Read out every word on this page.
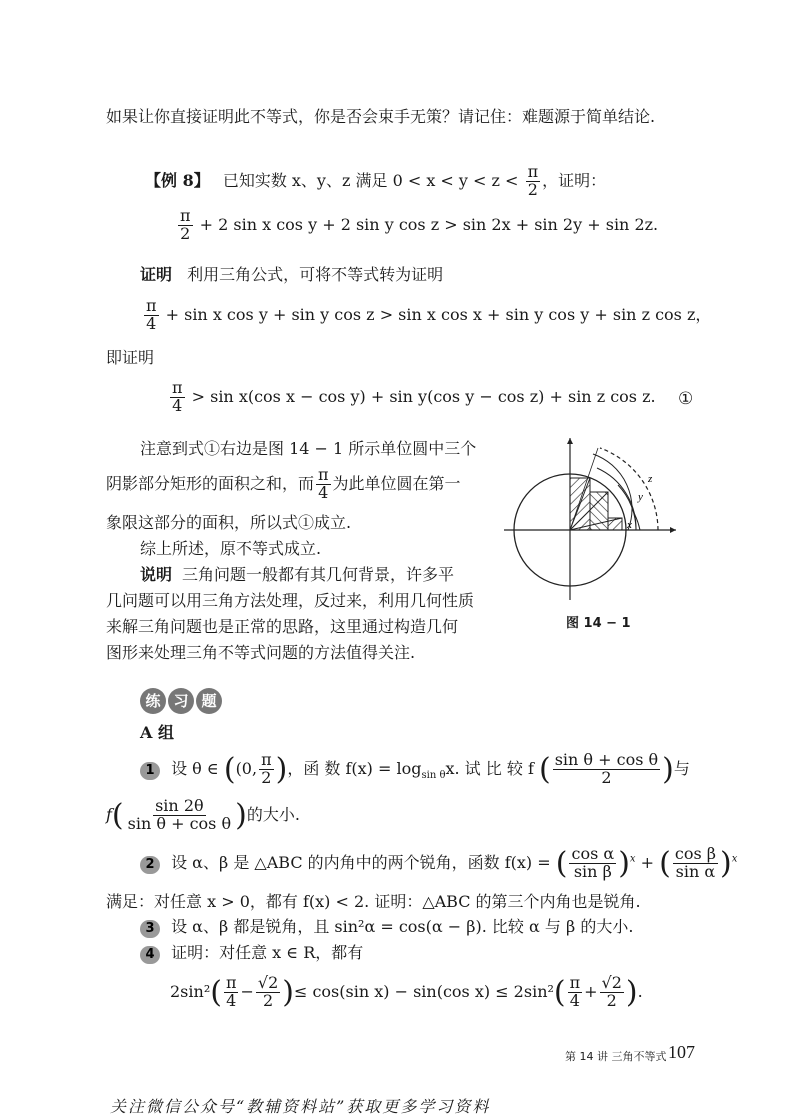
如果让你直接证明此不等式，你是否会束手无策？请记住：难题源于简单结论.
【例 8】 已知实数 x、y、z 满足 $0 < x < y < z < \frac{\pi}{2}$ ，证明：
$\frac{\pi}{2} + 2$ sin x cos y + 2 sin y cos z > sin 2x + sin 2y + sin 2z.
证明 利用三角公式，可将不等式转为证明
$\frac{\pi}{4} + \sin x$ cos y + sin y cos z > sin x cos x + sin y cos y + sin z cos z，
即证明
$\frac{\pi}{4} > \sin x(\cos$ x − cos y) + sin y(cos y − cos z) + sin z cos z. ①
注意到式①右边是图 14 − 1 所示单位圆中三个
阴影部分矩形的面积之和，而 $\frac{\pi}{4}$ 为此单位圆在第一
象限这部分的面积，所以式①成立.
综上所述，原不等式成立.
说明 三角问题一般都有其几何背景，许多平
几问题可以用三角方法处理，反过来，利用几何性质
来解三角问题也是正常的思路，这里通过构造几何
图形来处理三角不等式问题的方法值得关注.
z
y
x
图 14 − 1
练 习 题
A 组
1 设 θ ∈ ((0, $\frac{\pi}{2}$ )，函 数 $f(x) = \log_{sin \theta}x$. 试 比 较 f ( $\frac{\text{sin θ + cos θ}}{2}$ )与
$f( \frac{\sin 2\theta}{\text{sin θ + cos θ}}$ )的大小.
2 设 α、β 是 △ABC 的内角中的两个锐角，函数 f(x) = ( $\frac{\text{cos α}}{\text{sin β}} )^x$ + ( $\frac{\text{cos β}}{\text{sin α}} )^x$
满足：对任意 x > 0，都有 f(x) < 2. 证明：△ABC 的第三个内角也是锐角.
3 设 α、β 都是锐角，且 sin²α = cos(α − β). 比较 α 与 β 的大小.
4 证明：对任意 x ∈ R，都有
$2\sin^2( \frac{\pi}{4} - \frac{√2}{2}$ )≤ cos(sin x) − sin(cos $x) \le 2\sin^2( \frac{\pi}{4} + \frac{√2}{2}$ ).
第 14 讲 三角不等式 107
关注微信公众号“教辅资料站”获取更多学习资料
